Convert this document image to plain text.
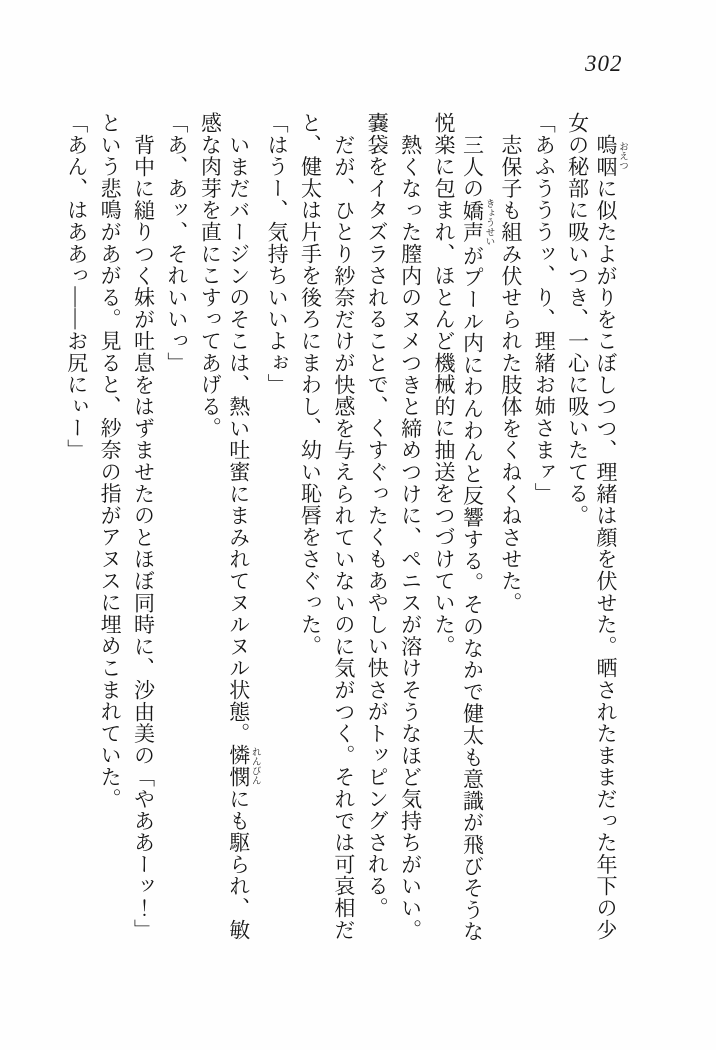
302
嗚咽 おえつに似たよがりをこぼしつつ、理緒は顔を伏せた。晒されたままだった年下の少
女の秘部に吸いつき、一心に吸いたてる。
「あふうううッ、り、理緒お姉さまァ」
志保子も組み伏せられた肢体をくねくねさせた。
三人の嬌声 きょうせいがプール内にわんわんと反響する。そのなかで健太も意識が飛びそうな
悦楽に包まれ、ほとんど機械的に抽送をつづけていた。
熱くなった膣内のヌメつきと締めつけに、ペニスが溶けそうなほど気持ちがいい。
嚢袋をイタズラされることで、くすぐったくもあやしい快さがトッピングされる。
だが、ひとり紗奈だけが快感を与えられていないのに気がつく。それでは可哀相だ
と、健太は片手を後ろにまわし、幼い恥唇をさぐった。
「はうー、気持ちいいよぉ」
いまだバージンのそこは、熱い吐蜜にまみれてヌルヌル状態。憐憫 れんびんにも駆られ、敏
感な肉芽を直にこすってあげる。
「あ、あッ、それいいっ」
背中に縋りつく妹が吐息をはずませたのとほぼ同時に、沙由美の「やああーッ！」
という悲鳴があがる。見ると、紗奈の指がアヌスに埋めこまれていた。
「あん、はああっ――お尻にぃー」
